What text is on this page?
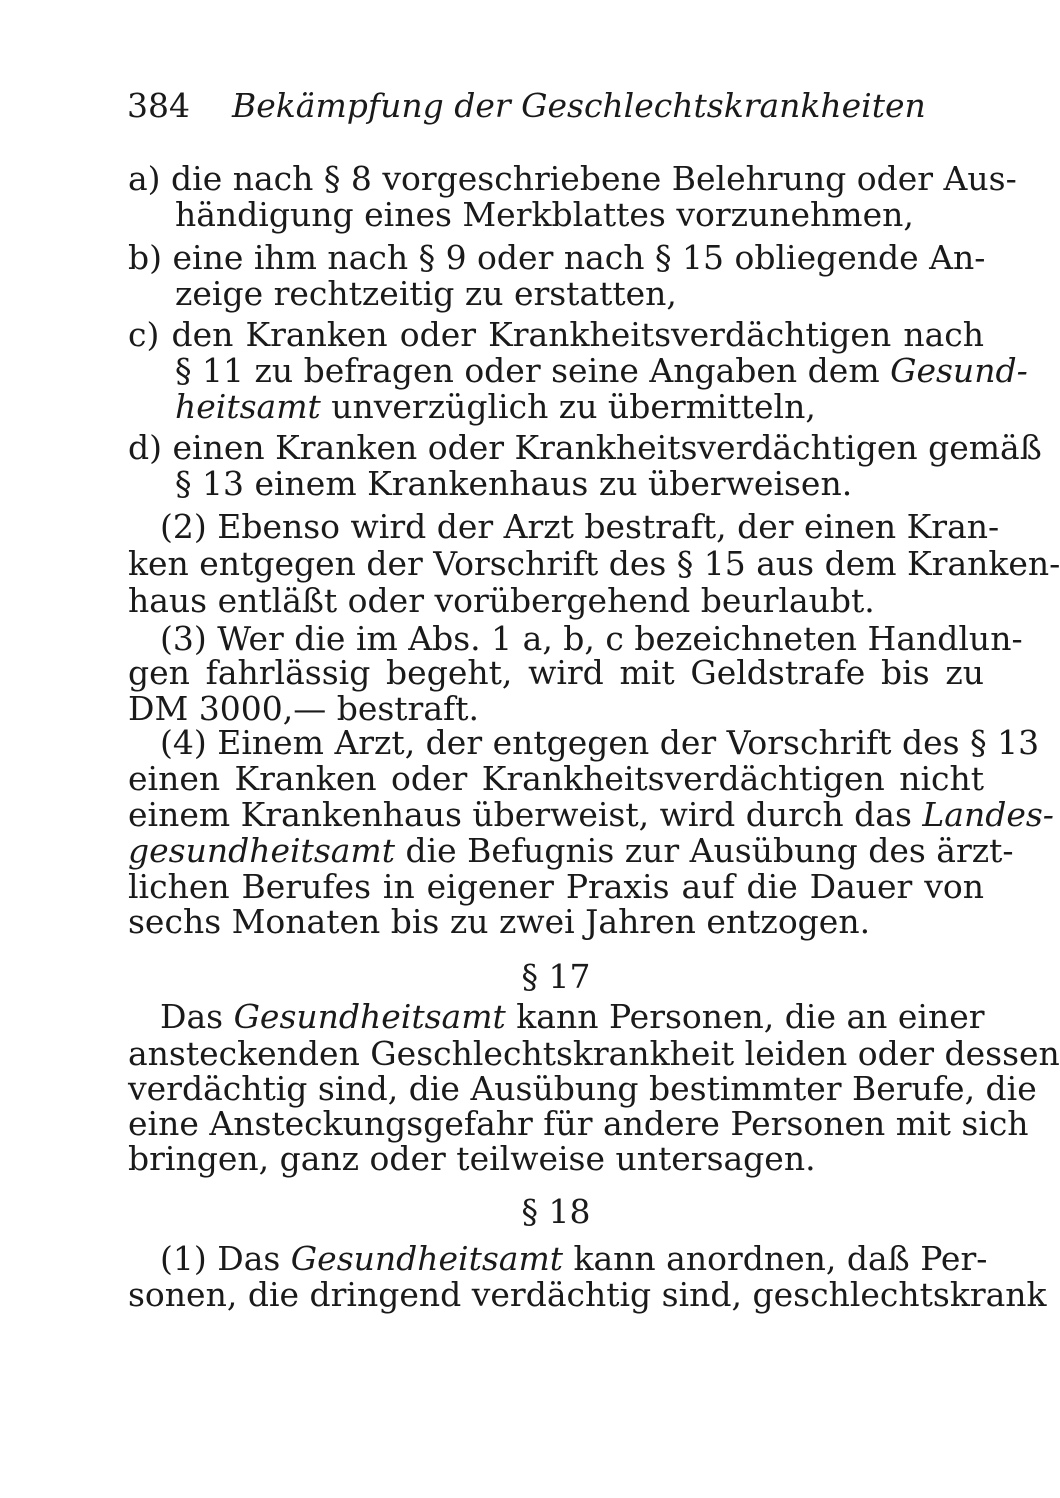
384 Bekämpfung der Geschlechtskrankheiten
a) die nach § 8 vorgeschriebene Belehrung oder Aus-
händigung eines Merkblattes vorzunehmen,
b) eine ihm nach § 9 oder nach § 15 obliegende An-
zeige rechtzeitig zu erstatten,
c) den Kranken oder Krankheitsverdächtigen nach
§ 11 zu befragen oder seine Angaben dem Gesund-
heitsamt unverzüglich zu übermitteln,
d) einen Kranken oder Krankheitsverdächtigen gemäß
§ 13 einem Krankenhaus zu überweisen.
(2) Ebenso wird der Arzt bestraft, der einen Kran-
ken entgegen der Vorschrift des § 15 aus dem Kranken-
haus entläßt oder vorübergehend beurlaubt.
(3) Wer die im Abs. 1 a, b, c bezeichneten Handlun-
gen fahrlässig begeht, wird mit Geldstrafe bis zu
DM 3000,— bestraft.
(4) Einem Arzt, der entgegen der Vorschrift des § 13
einen Kranken oder Krankheitsverdächtigen nicht
einem Krankenhaus überweist, wird durch das Landes-
gesundheitsamt die Befugnis zur Ausübung des ärzt-
lichen Berufes in eigener Praxis auf die Dauer von
sechs Monaten bis zu zwei Jahren entzogen.
§ 17
Das Gesundheitsamt kann Personen, die an einer
ansteckenden Geschlechtskrankheit leiden oder dessen
verdächtig sind, die Ausübung bestimmter Berufe, die
eine Ansteckungsgefahr für andere Personen mit sich
bringen, ganz oder teilweise untersagen.
§ 18
(1) Das Gesundheitsamt kann anordnen, daß Per-
sonen, die dringend verdächtig sind, geschlechtskrank
